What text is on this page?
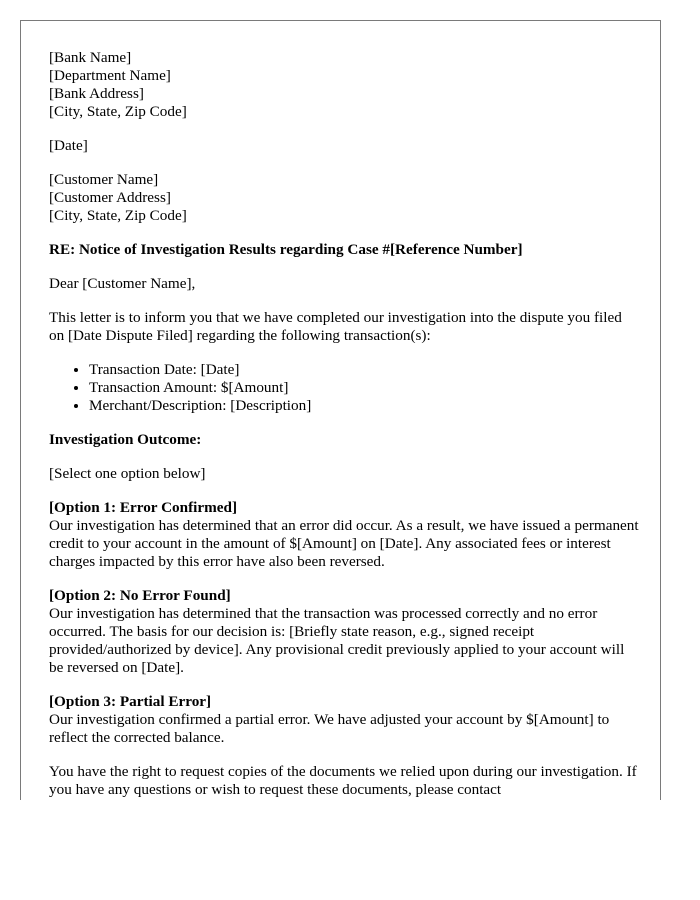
[Bank Name]
[Department Name]
[Bank Address]
[City, State, Zip Code]
[Date]
[Customer Name]
[Customer Address]
[City, State, Zip Code]
RE: Notice of Investigation Results regarding Case #[Reference Number]
Dear [Customer Name],

This letter is to inform you that we have completed our investigation into the dispute you filed on [Date Dispute Filed] regarding the following transaction(s):

• Transaction Date: [Date]
• Transaction Amount: $[Amount]
• Merchant/Description: [Description]
Investigation Outcome:
[Select one option below]
[Option 1: Error Confirmed]
Our investigation has determined that an error did occur. As a result, we have issued a permanent credit to your account in the amount of $[Amount] on [Date]. Any associated fees or interest charges impacted by this error have also been reversed.
[Option 2: No Error Found]
Our investigation has determined that the transaction was processed correctly and no error occurred. The basis for our decision is: [Briefly state reason, e.g., signed receipt provided/authorized by device]. Any provisional credit previously applied to your account will be reversed on [Date].
[Option 3: Partial Error]
Our investigation confirmed a partial error. We have adjusted your account by $[Amount] to reflect the corrected balance.

You have the right to request copies of the documents we relied upon during our investigation. If you have any questions or wish to request these documents, please contact
